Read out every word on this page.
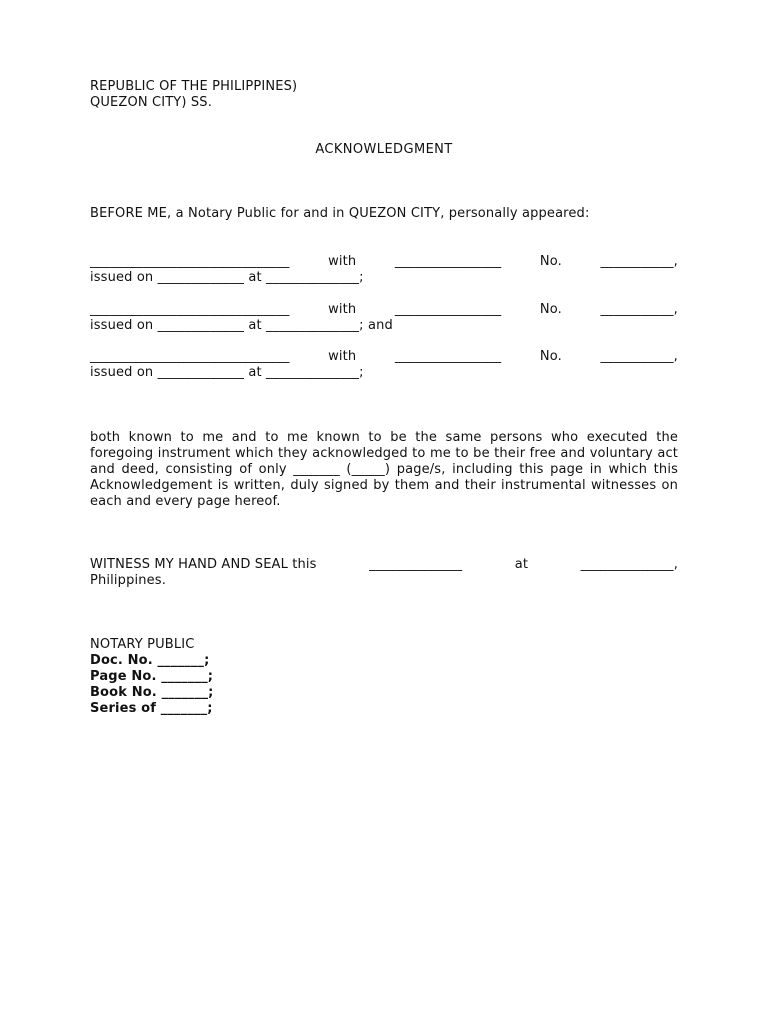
REPUBLIC OF THE PHILIPPINES)
QUEZON CITY) SS.
ACKNOWLEDGMENT
BEFORE ME, a Notary Public for and in QUEZON CITY, personally appeared:
______________________________	with	________________	No.	___________,
issued on _____________ at ______________;
______________________________	with	________________	No.	___________,
issued on _____________ at ______________; and
______________________________	with	________________	No.	___________,
issued on _____________ at ______________;
both known to me and to me known to be the same persons who executed the foregoing instrument which they acknowledged to me to be their free and voluntary act and deed, consisting of only _______ (_____) page/s, including this page in which this Acknowledgement is written, duly signed by them and their instrumental witnesses on each and every page hereof.
WITNESS MY HAND AND SEAL this	______________	at	______________,
Philippines.
NOTARY PUBLIC
Doc. No. _______;
Page No. _______;
Book No. _______;
Series of _______;
